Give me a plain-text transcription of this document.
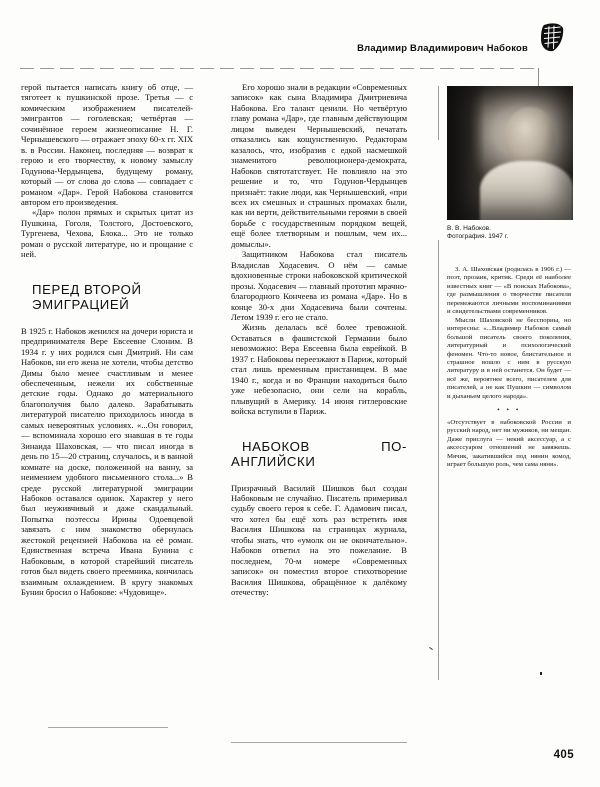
Владимир Владимирович Набоков

герой пытается написать книгу об отце, — тяготеет к пушкинской прозе. Третья — с комическим изображением писателей-эмигрантов — гоголевская; четвёртая — сочинённое героем жизнеописание Н. Г. Чернышевского — отражает эпоху 60-х гг. XIX в. в России. Наконец, последняя — возврат к герою и его творчеству, к новому замыслу Годунова-Чердынцева, будущему роману, который — от слова до слова — совпадает с романом «Дар». Герой Набокова становится автором его произведения.

«Дар» полон прямых и скрытых цитат из Пушкина, Гоголя, Толстого, Достоевского, Тургенева, Чехова, Блока... Это не только роман о русской литературе, но и прощание с ней.

ПЕРЕД ВТОРОЙ

ЭМИГРАЦИЕЙ

В 1925 г. Набоков женился на дочери юриста и предпринимателя Вере Евсеевне Слоним. В 1934 г. у них родился сын Дмитрий. Ни сам Набоков, ни его жена не хотели, чтобы детство Димы было менее счастливым и менее обеспеченным, нежели их собственные детские годы. Однако до материального благополучия было далеко. Зарабатывать литературой писателю приходилось иногда в самых невероятных условиях. «...Он говорил, — вспоминала хорошо его знавшая в те годы Зинаида Шаховская, — что писал иногда в день по 15—20 страниц, случалось, и в ванной комнате на доске, положенной на ванну, за неимением удобного письменного стола...» В среде русской литературной эмиграции Набоков оставался одинок. Характер у него был неуживчивый и даже скандальный. Попытка поэтессы Ирины Одоевцевой завязать с ним знакомство обернулась жестокой рецензией Набокова на её роман. Единственная встреча Ивана Бунина с Набоковым, в которой старейший писатель готов был видеть своего преемника, кончилась взаимным охлаждением. В кругу знакомых Бунин бросил о Набокове: «Чудовище».

Его хорошо знали в редакции «Современных записок» как сына Владимира Дмитриевича Набокова. Его талант ценили. Но четвёртую главу романа «Дар», где главным действующим лицом выведен Чернышевский, печатать отказались как кощунственную. Редакторам казалось, что, изобразив с едкой насмешкой знаменитого революционера-демократа, Набоков святотатствует. Не повлияло на это решение и то, что Годунов-Чердынцев признаёт: такие люди, как Чернышевский, «при всех их смешных и страшных промахах были, как ни верти, действительными героями в своей борьбе с государственным порядком вещей, ещё более тлетворным и пошлым, чем их... домыслы».

Защитником Набокова стал писатель Владислав Ходасевич. О нём — самые вдохновенные строки набоковской критической прозы. Ходасевич — главный прототип мрачно-благородного Кончеева из романа «Дар». Но в конце 30-х дни Ходасевича были сочтены. Летом 1939 г. его не стало.

Жизнь делалась всё более тревожной. Оставаться в фашистской Германии было невозможно: Вера Евсеевна была еврейкой. В 1937 г. Набоковы переезжают в Париж, который стал лишь временным пристанищем. В мае 1940 г., когда и во Франции находиться было уже небезопасно, они сели на корабль, плывущий в Америку. 14 июня гитлеровские войска вступили в Париж.

НАБОКОВ ПО-АНГЛИЙСКИ

Призрачный Василий Шишков был создан Набоковым не случайно. Писатель примеривал судьбу своего героя к себе. Г. Адамович писал, что хотел бы ещё хоть раз встретить имя Василия Шишкова на страницах журнала, чтобы знать, что «умолк он не окончательно». Набоков ответил на это пожелание. В последнем, 70-м номере «Современных записок» он поместил второе стихотворение Василия Шишкова, обращённое к далёкому отечеству:

В. В. Набоков.
Фотография. 1947 г.

З. А. Шаховская (родилась в 1906 г.) — поэт, прозаик, критик. Среди её наиболее известных книг — «В поисках Набокова», где размышления о творчестве писателя перемежаются личными воспоминаниями и свидетельствами современников.

Мысли Шаховской не бесспорны, но интересны: «...Владимир Набоков самый большой писатель своего поколения, литературный и психологический феномен. Что-то новое, блистательное и страшное вошло с ним в русскую литературу и в ней останется. Он будет — всё же, вероятнее всего, писателем для писателей, а не как Пушкин — символом и дыханьем целого народа».

• • •

«Отсутствует в набоковской России и русский народ, нет ни мужиков, ни мещан. Даже прислуга — некий аксессуар, а с аксессуаром отношений не завяжешь. Мячик, закатившийся под нянин комод, играет большую роль, чем сама няня».

405
